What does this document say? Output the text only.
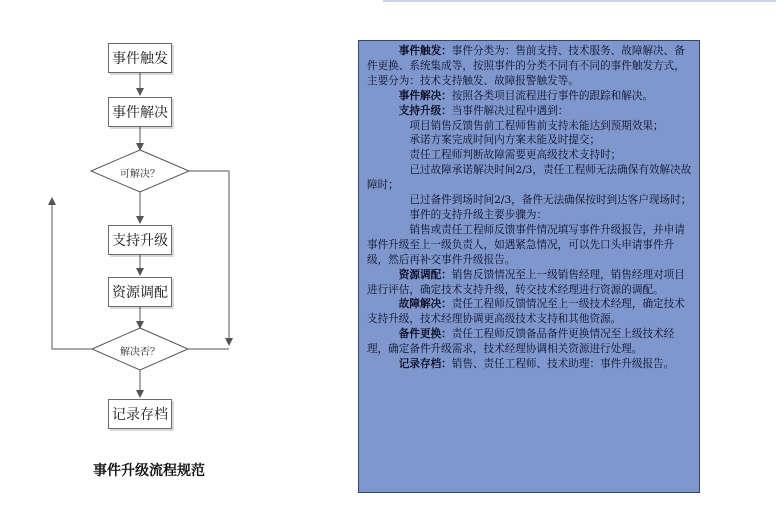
事件触发
事件解决
可解决？
支持升级
资源调配
解决否？
记录存档
事件升级流程规范

事件触发：事件分类为：售前支持、技术服务、故障解决、备件更换、系统集成等，按照事件的分类不同有不同的事件触发方式，主要分为：技术支持触发、故障报警触发等。

事件解决：按照各类项目流程进行事件的跟踪和解决。

支持升级：当事件解决过程中遇到：

项目销售反馈售前工程师售前支持未能达到预期效果；

承诺方案完成时间内方案未能及时提交；

责任工程师判断故障需要更高级技术支持时；

已过故障承诺解决时间2/3，责任工程师无法确保有效解决故障时；

已过备件到场时间2/3，备件无法确保按时到达客户现场时；

事件的支持升级主要步骤为：

销售或责任工程师反馈事件情况填写事件升级报告，并申请事件升级至上一级负责人，如遇紧急情况，可以先口头申请事件升级，然后再补交事件升级报告。

资源调配：销售反馈情况至上一级销售经理，销售经理对项目进行评估，确定技术支持升级，转交技术经理进行资源的调配。

故障解决：责任工程师反馈情况至上一级技术经理，确定技术支持升级，技术经理协调更高级技术支持和其他资源。

备件更换：责任工程师反馈备品备件更换情况至上级技术经理，确定备件升级需求，技术经理协调相关资源进行处理。

记录存档：销售、责任工程师、技术助理：事件升级报告。
